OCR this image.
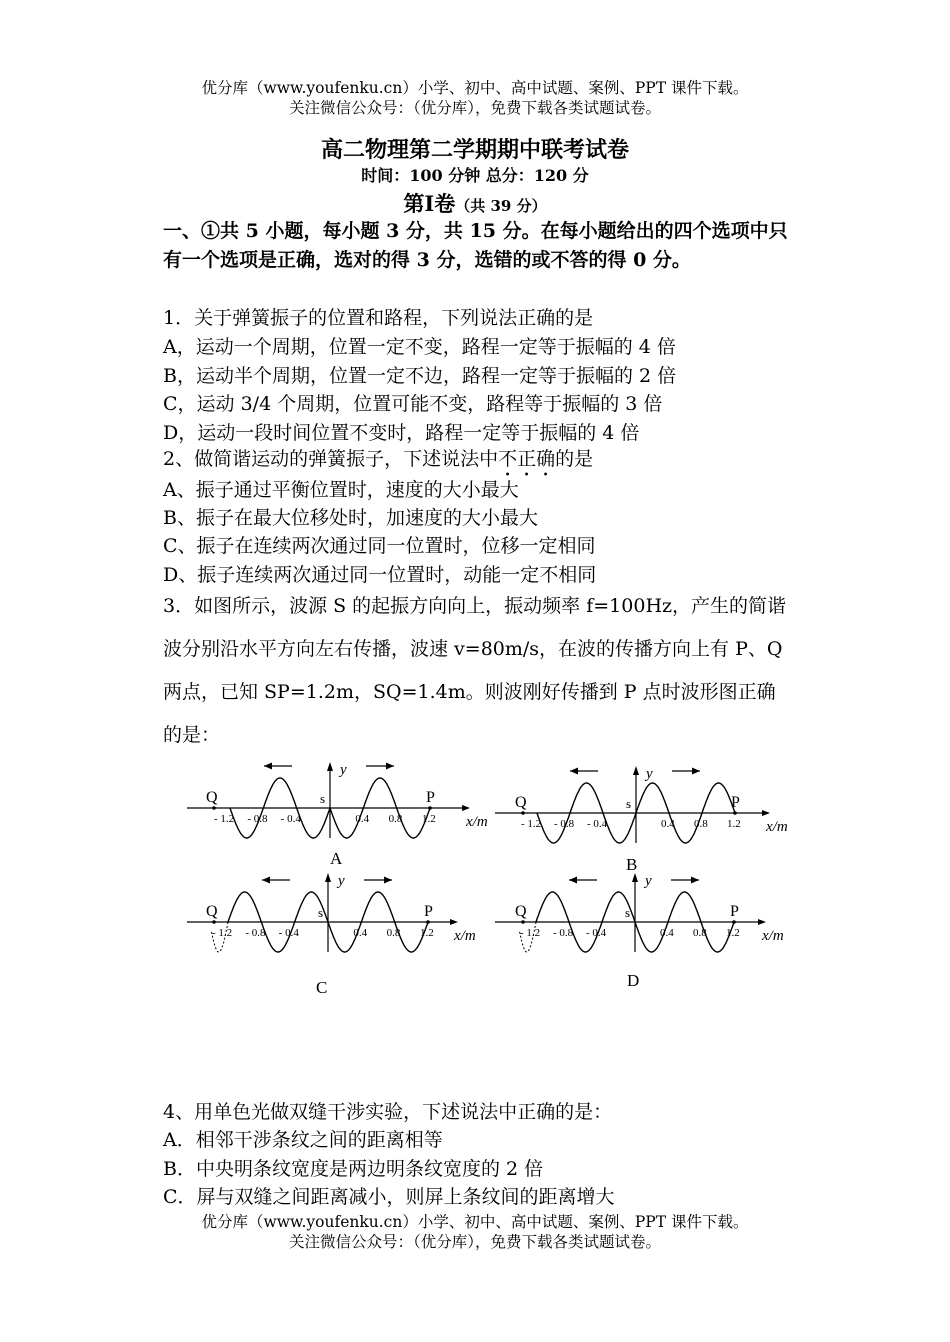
优分库（www.youfenku.cn）小学、初中、高中试题、案例、PPT 课件下载。
关注微信公众号：（优分库），免费下载各类试题试卷。
高二物理第二学期期中联考试卷
时间：100 分钟 总分：120 分
第Ⅰ卷（共 39 分）
一、①共 5 小题，每小题 3 分，共 15 分。在每小题给出的四个选项中只有一个选项是正确，选对的得 3 分，选错的或不答的得 0 分。
1．关于弹簧振子的位置和路程，下列说法正确的是
A，运动一个周期，位置一定不变，路程一定等于振幅的 4 倍
B，运动半个周期，位置一定不边，路程一定等于振幅的 2 倍
C，运动 3/4 个周期，位置可能不变，路程等于振幅的 3 倍
D，运动一段时间位置不变时，路程一定等于振幅的 4 倍
2、做简谐运动的弹簧振子，下述说法中不正确的是
A、振子通过平衡位置时，速度的大小最大
B、振子在最大位移处时，加速度的大小最大
C、振子在连续两次通过同一位置时，位移一定相同
D、振子连续两次通过同一位置时，动能一定不相同
3．如图所示，波源 S 的起振方向向上，振动频率 f=100Hz，产生的简谐波分别沿水平方向左右传播，波速 v=80m/s，在波的传播方向上有 P、Q 两点，已知 SP=1.2m，SQ=1.4m。则波刚好传播到 P 点时波形图正确的是：
y
x/m
Q	P
s
- 1.2 - 0.8 - 0.4	0.4 0.8 1.2
A
y
x/m
Q	P
s
- 1.2 - 0.8 - 0.4	0.4 0.8 1.2
B
y
x/m
Q	P
s
- 1.2 - 0.8 - 0.4	0.4 0.8 1.2
C
y
x/m
Q	P
s
- 1.2 - 0.8 - 0.4	0.4 0.8 1.2
D
4、用单色光做双缝干涉实验，下述说法中正确的是：
A．相邻干涉条纹之间的距离相等
B．中央明条纹宽度是两边明条纹宽度的 2 倍
C．屏与双缝之间距离减小，则屏上条纹间的距离增大
优分库（www.youfenku.cn）小学、初中、高中试题、案例、PPT 课件下载。
关注微信公众号：（优分库），免费下载各类试题试卷。
